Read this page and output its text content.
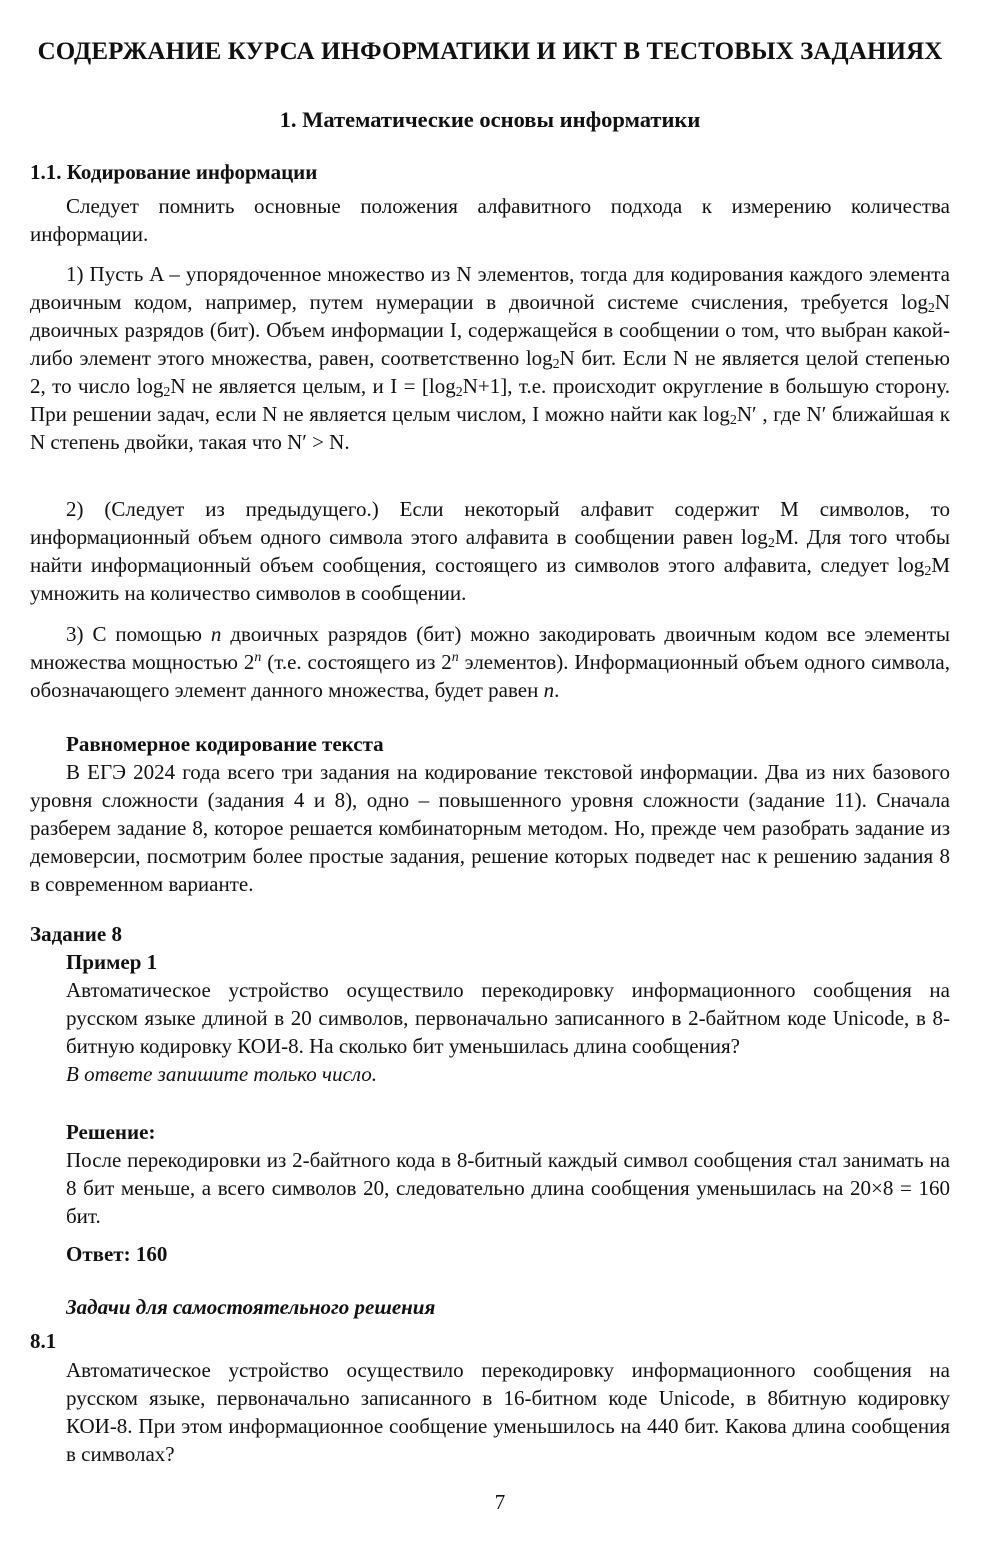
СОДЕРЖАНИЕ КУРСА ИНФОРМАТИКИ И ИКТ В ТЕСТОВЫХ ЗАДАНИЯХ
1. Математические основы информатики
1.1. Кодирование информации
Следует помнить основные положения алфавитного подхода к измерению количества информации.
1) Пусть A – упорядоченное множество из N элементов, тогда для кодирования каждого элемента двоичным кодом, например, путем нумерации в двоичной системе счисления, требуется $\log_2N$ двоичных разрядов (бит). Объем информации I, содержащейся в сообщении о том, что выбран какой-либо элемент этого множества, равен, соответственно $\log_2N$ бит. Если N не является целой степенью 2, то число $\log_2N$ не является целым, и $I = [\log_2N+1]$, т.е. происходит округление в большую сторону. При решении задач, если N не является целым числом, I можно найти как $\log_2N'$ , где N′ ближайшая к N степень двойки, такая что N′ > N.
2) (Следует из предыдущего.) Если некоторый алфавит содержит M символов, то информационный объем одного символа этого алфавита в сообщении равен $\log_2M$. Для того чтобы найти информационный объем сообщения, состоящего из символов этого алфавита, следует $\log_2M$ умножить на количество символов в сообщении.
3) С помощью n двоичных разрядов (бит) можно закодировать двоичным кодом все элементы множества мощностью 2$^n$ (т.е. состоящего из 2$^n$ элементов). Информационный объем одного символа, обозначающего элемент данного множества, будет равен n.
Равномерное кодирование текста
В ЕГЭ 2024 года всего три задания на кодирование текстовой информации. Два из них базового уровня сложности (задания 4 и 8), одно – повышенного уровня сложности (задание 11). Сначала разберем задание 8, которое решается комбинаторным методом. Но, прежде чем разобрать задание из демоверсии, посмотрим более простые задания, решение которых подведет нас к решению задания 8 в современном варианте.
Задание 8
Пример 1
Автоматическое устройство осуществило перекодировку информационного сообщения на русском языке длиной в 20 символов, первоначально записанного в 2-байтном коде Unicode, в 8-битную кодировку КОИ-8. На сколько бит уменьшилась длина сообщения?
В ответе запишите только число.
Решение:
После перекодировки из 2-байтного кода в 8-битный каждый символ сообщения стал занимать на 8 бит меньше, а всего символов 20, следовательно длина сообщения уменьшилась на 20×8 = 160 бит.
Ответ: 160
Задачи для самостоятельного решения
8.1
Автоматическое устройство осуществило перекодировку информационного сообщения на русском языке, первоначально записанного в 16-битном коде Unicode, в 8битную кодировку КОИ-8. При этом информационное сообщение уменьшилось на 440 бит. Какова длина сообщения в символах?
7
